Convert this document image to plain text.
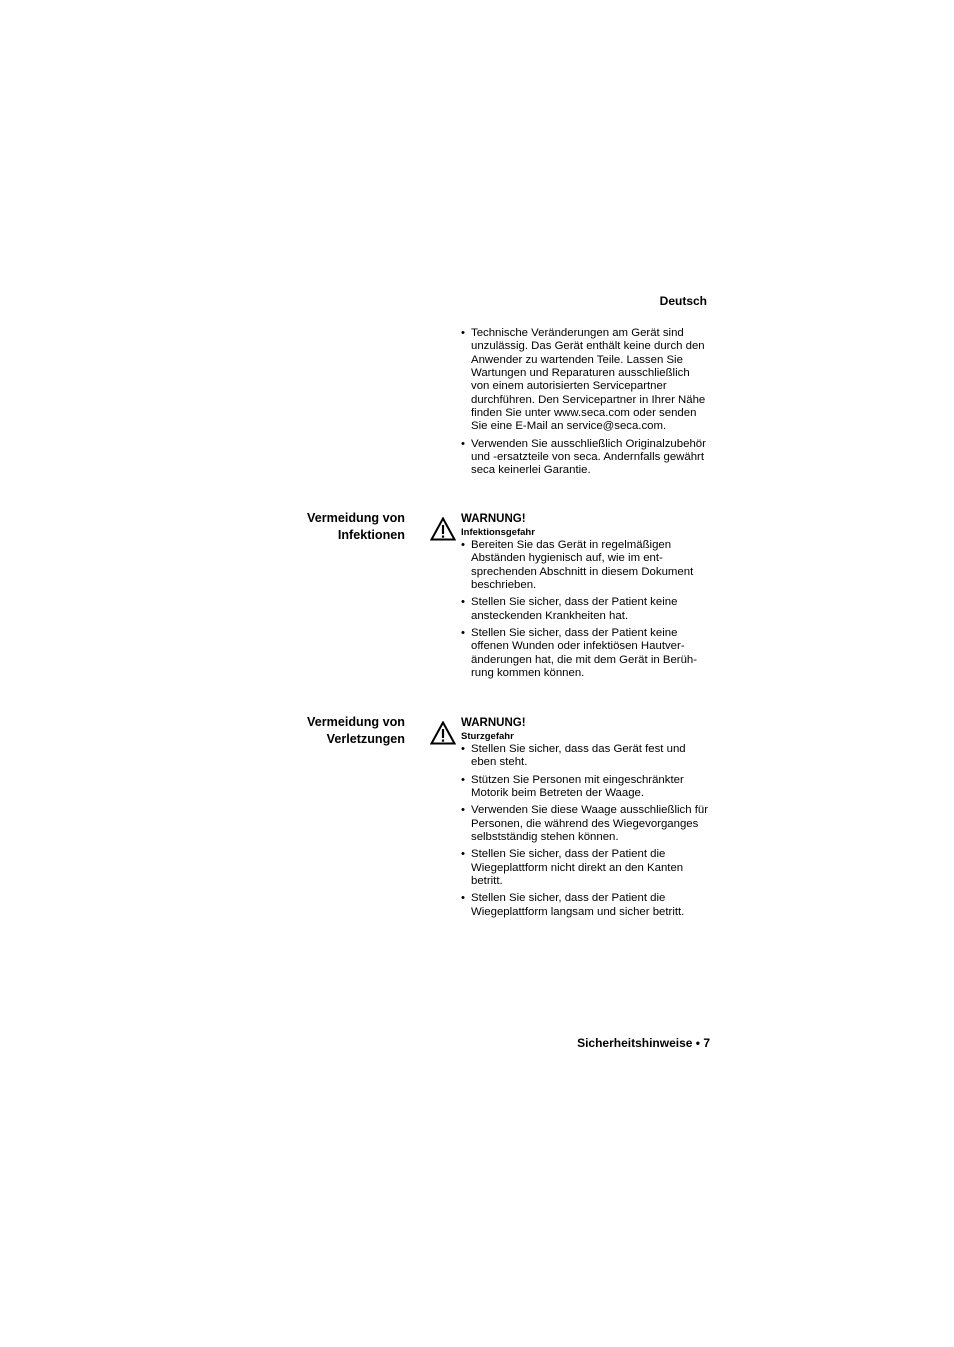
Deutsch
• Technische Veränderungen am Gerät sind unzulässig. Das Gerät enthält keine durch den Anwender zu wartenden Teile. Lassen Sie Wartungen und Reparaturen ausschließlich von einem autorisierten Servicepartner durchführen. Den Servicepartner in Ihrer Nähe finden Sie unter www.seca.com oder senden Sie eine E-Mail an service@seca.com.
• Verwenden Sie ausschließlich Originalzubehör und -ersatzteile von seca. Andernfalls gewährt seca keinerlei Garantie.
Vermeidung von
Infektionen
WARNUNG!
Infektionsgefahr
• Bereiten Sie das Gerät in regelmäßigen Abständen hygienisch auf, wie im ent- sprechenden Abschnitt in diesem Dokument beschrieben.
• Stellen Sie sicher, dass der Patient keine ansteckenden Krankheiten hat.
• Stellen Sie sicher, dass der Patient keine offenen Wunden oder infektiösen Hautver- änderungen hat, die mit dem Gerät in Berüh- rung kommen können.
Vermeidung von
Verletzungen
WARNUNG!
Sturzgefahr
• Stellen Sie sicher, dass das Gerät fest und eben steht.
• Stützen Sie Personen mit eingeschränkter Motorik beim Betreten der Waage.
• Verwenden Sie diese Waage ausschließlich für Personen, die während des Wiegevorganges selbstständig stehen können.
• Stellen Sie sicher, dass der Patient die Wiegeplattform nicht direkt an den Kanten betritt.
• Stellen Sie sicher, dass der Patient die Wiegeplattform langsam und sicher betritt.
Sicherheitshinweise • 7
